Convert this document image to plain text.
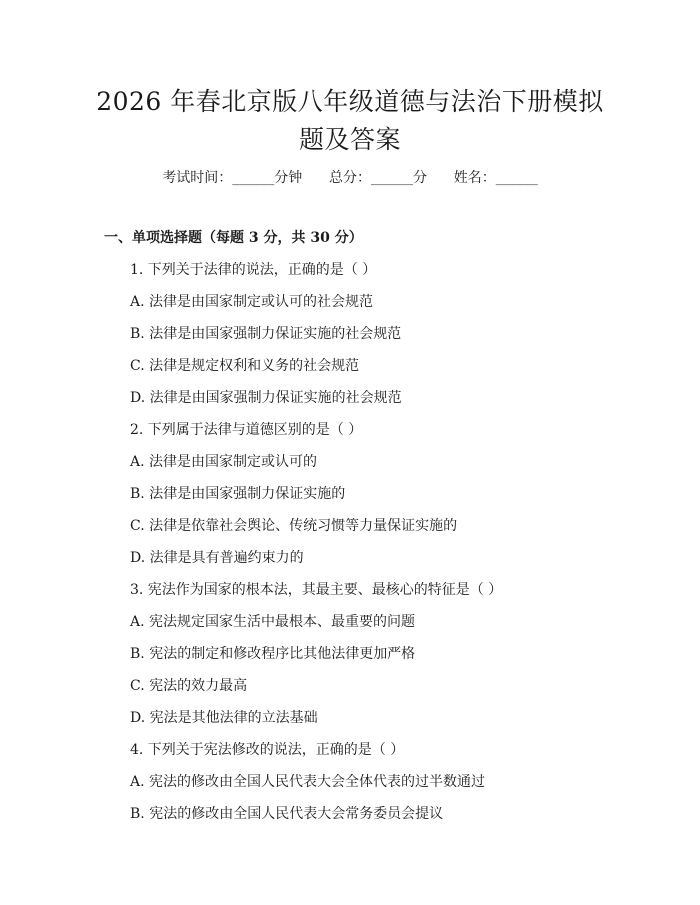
2026 年春北京版八年级道德与法治下册模拟
题及答案
考试时间：______分钟 总分：______分 姓名：______
一、单项选择题（每题 3 分，共 30 分）
1. 下列关于法律的说法，正确的是（ ）
A. 法律是由国家制定或认可的社会规范
B. 法律是由国家强制力保证实施的社会规范
C. 法律是规定权利和义务的社会规范
D. 法律是由国家强制力保证实施的社会规范
2. 下列属于法律与道德区别的是（ ）
A. 法律是由国家制定或认可的
B. 法律是由国家强制力保证实施的
C. 法律是依靠社会舆论、传统习惯等力量保证实施的
D. 法律是具有普遍约束力的
3. 宪法作为国家的根本法，其最主要、最核心的特征是（ ）
A. 宪法规定国家生活中最根本、最重要的问题
B. 宪法的制定和修改程序比其他法律更加严格
C. 宪法的效力最高
D. 宪法是其他法律的立法基础
4. 下列关于宪法修改的说法，正确的是（ ）
A. 宪法的修改由全国人民代表大会全体代表的过半数通过
B. 宪法的修改由全国人民代表大会常务委员会提议
